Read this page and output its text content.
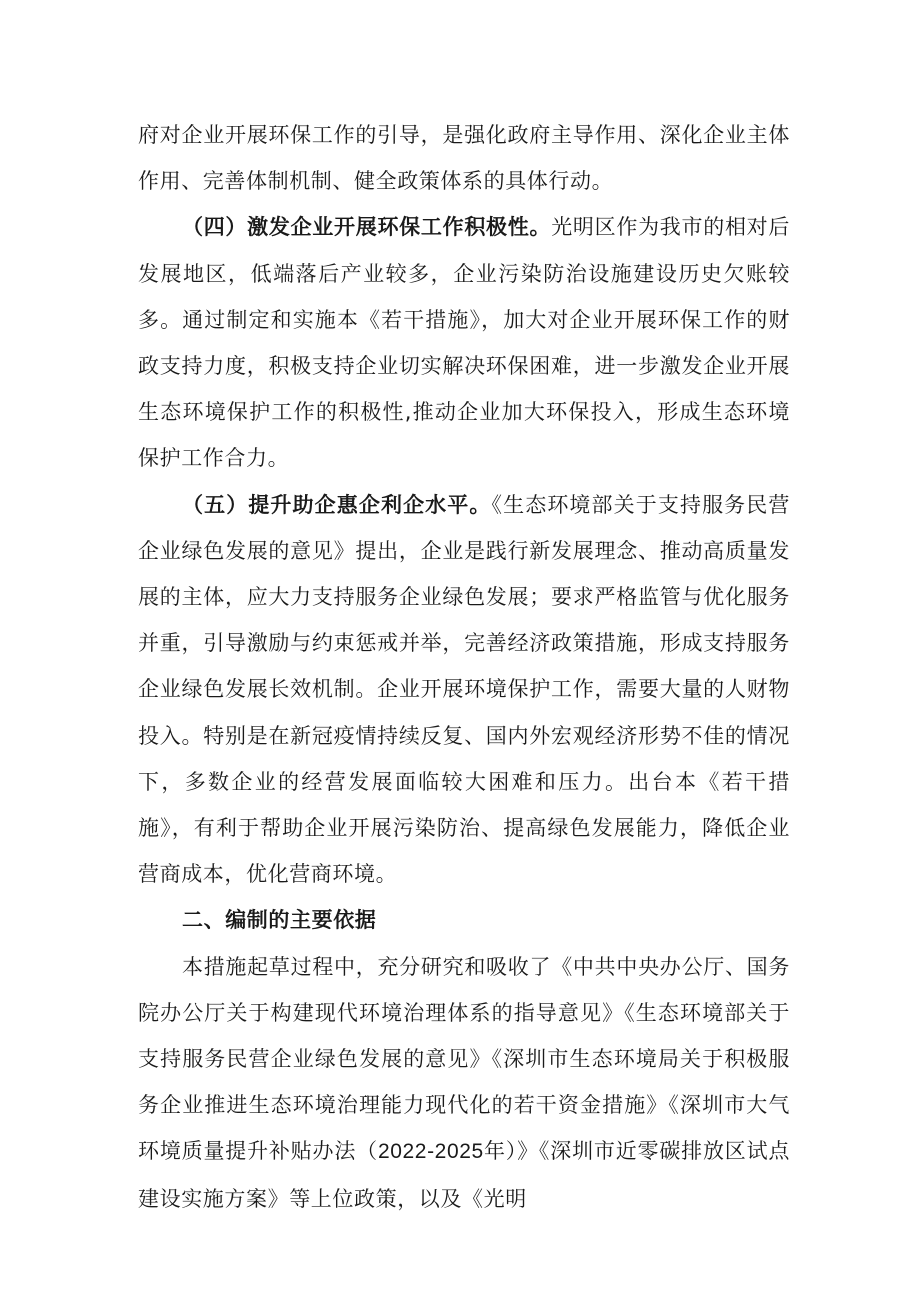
府对企业开展环保工作的引导，是强化政府主导作用、深化企业主体作用、完善体制机制、健全政策体系的具体行动。

（四）激发企业开展环保工作积极性。光明区作为我市的相对后发展地区，低端落后产业较多，企业污染防治设施建设历史欠账较多。通过制定和实施本《若干措施》，加大对企业开展环保工作的财政支持力度，积极支持企业切实解决环保困难，进一步激发企业开展生态环境保护工作的积极性,推动企业加大环保投入，形成生态环境保护工作合力。

（五）提升助企惠企利企水平。《生态环境部关于支持服务民营企业绿色发展的意见》提出，企业是践行新发展理念、推动高质量发展的主体，应大力支持服务企业绿色发展；要求严格监管与优化服务并重，引导激励与约束惩戒并举，完善经济政策措施，形成支持服务企业绿色发展长效机制。企业开展环境保护工作，需要大量的人财物投入。特别是在新冠疫情持续反复、国内外宏观经济形势不佳的情况下，多数企业的经营发展面临较大困难和压力。出台本《若干措施》，有利于帮助企业开展污染防治、提高绿色发展能力，降低企业营商成本，优化营商环境。

二、编制的主要依据

本措施起草过程中，充分研究和吸收了《中共中央办公厅、国务院办公厅关于构建现代环境治理体系的指导意见》《生态环境部关于支持服务民营企业绿色发展的意见》《深圳市生态环境局关于积极服务企业推进生态环境治理能力现代化的若干资金措施》《深圳市大气环境质量提升补贴办法（2022-2025年）》《深圳市近零碳排放区试点建设实施方案》等上位政策，以及《光明
